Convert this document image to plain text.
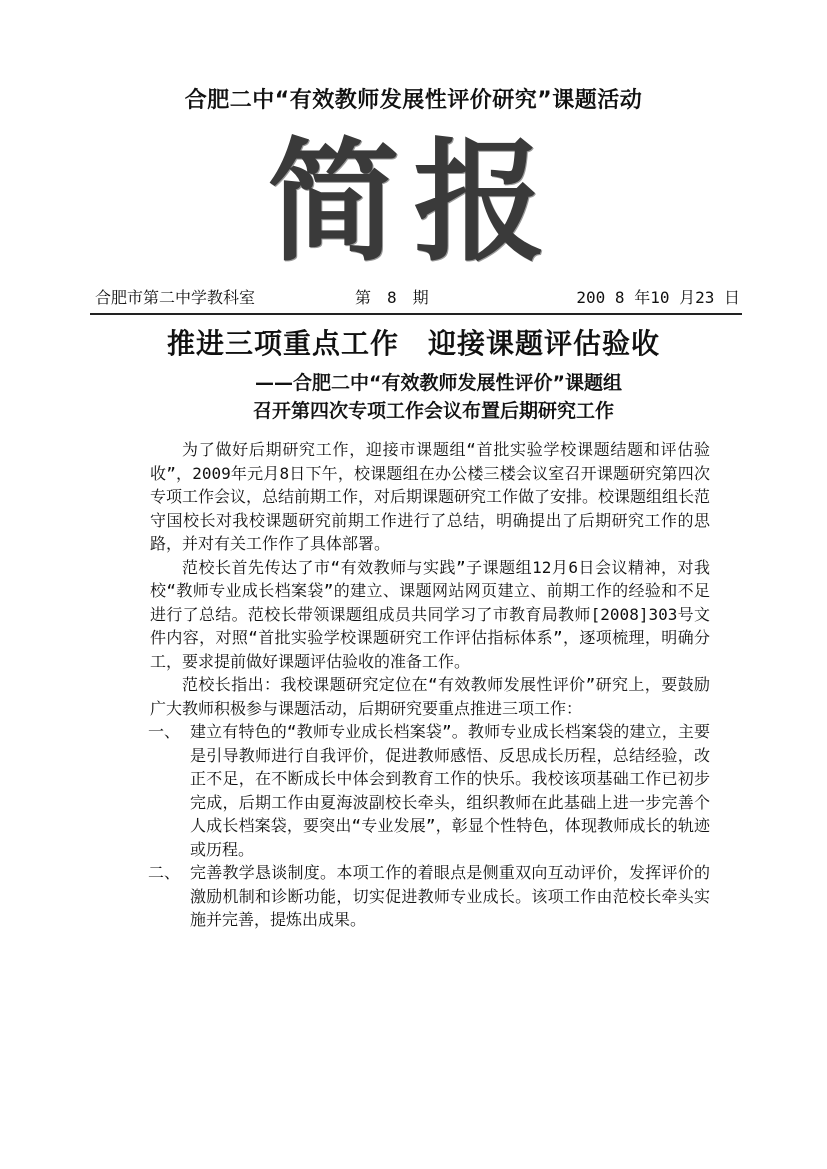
合肥二中“有效教师发展性评价研究”课题活动
简报
合肥市第二中学教科室	第　8　期	200 8 年10 月23 日
推进三项重点工作　迎接课题评估验收
——合肥二中“有效教师发展性评价”课题组
召开第四次专项工作会议布置后期研究工作

为了做好后期研究工作，迎接市课题组“首批实验学校课题结题和评估验收”，2009年元月8日下午，校课题组在办公楼三楼会议室召开课题研究第四次专项工作会议，总结前期工作，对后期课题研究工作做了安排。校课题组组长范守国校长对我校课题研究前期工作进行了总结，明确提出了后期研究工作的思路，并对有关工作作了具体部署。

范校长首先传达了市“有效教师与实践”子课题组12月6日会议精神，对我校“教师专业成长档案袋”的建立、课题网站网页建立、前期工作的经验和不足进行了总结。范校长带领课题组成员共同学习了市教育局教师[2008]303号文件内容，对照“首批实验学校课题研究工作评估指标体系”，逐项梳理，明确分工，要求提前做好课题评估验收的准备工作。

范校长指出：我校课题研究定位在“有效教师发展性评价”研究上，要鼓励广大教师积极参与课题活动，后期研究要重点推进三项工作：

一、 建立有特色的“教师专业成长档案袋”。教师专业成长档案袋的建立，主要是引导教师进行自我评价，促进教师感悟、反思成长历程，总结经验，改正不足，在不断成长中体会到教育工作的快乐。我校该项基础工作已初步完成，后期工作由夏海波副校长牵头，组织教师在此基础上进一步完善个人成长档案袋，要突出“专业发展”，彰显个性特色，体现教师成长的轨迹或历程。
二、 完善教学恳谈制度。本项工作的着眼点是侧重双向互动评价，发挥评价的激励机制和诊断功能，切实促进教师专业成长。该项工作由范校长牵头实施并完善，提炼出成果。
